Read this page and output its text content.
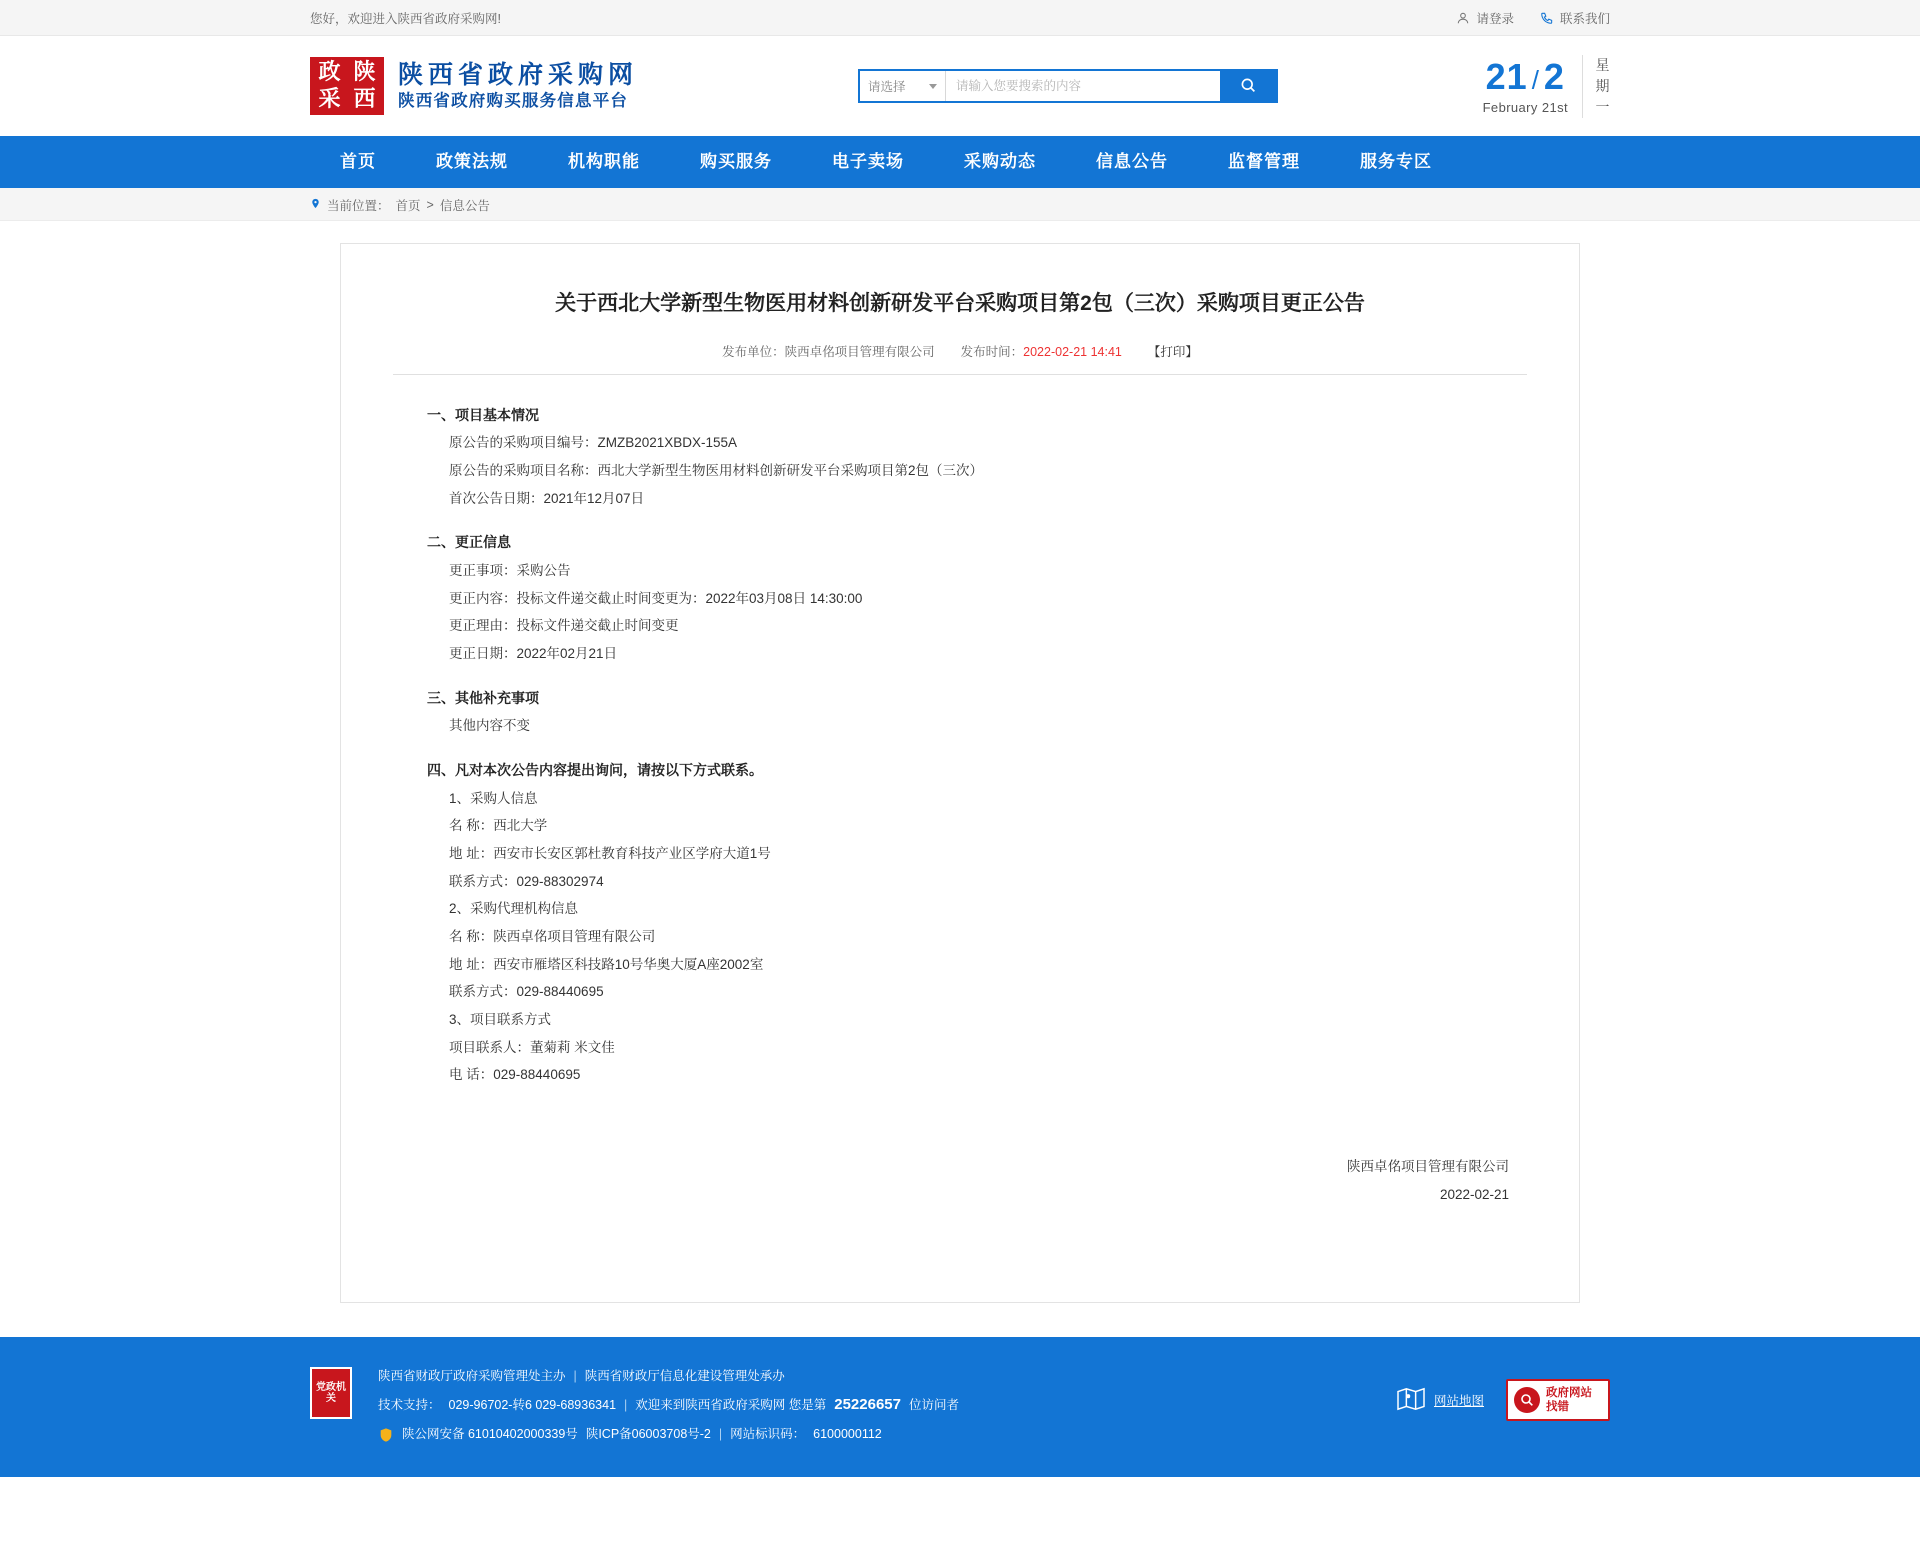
您好，欢迎进入陕西省政府采购网!	请登录	联系我们
政 陕
采 西
陕西省政府采购网
陕西省政府购买服务信息平台
请选择
请输入您要搜索的内容	21 / 2
February 21st
星期
一
首页	政策法规	机构职能	购买服务	电子卖场	采购动态	信息公告	监督管理	服务专区
当前位置： 首页 > 信息公告
关于西北大学新型生物医用材料创新研发平台采购项目第2包（三次）采购项目更正公告
发布单位：陕西卓佲项目管理有限公司 发布时间：2022-02-21 14:41 【打印】
一、项目基本情况
原公告的采购项目编号：ZMZB2021XBDX-155A
原公告的采购项目名称：西北大学新型生物医用材料创新研发平台采购项目第2包（三次）
首次公告日期：2021年12月07日
二、更正信息
更正事项：采购公告
更正内容：投标文件递交截止时间变更为：2022年03月08日 14:30:00
更正理由：投标文件递交截止时间变更
更正日期：2022年02月21日
三、其他补充事项
其他内容不变
四、凡对本次公告内容提出询问，请按以下方式联系。
1、采购人信息
名 称：西北大学
地 址：西安市长安区郭杜教育科技产业区学府大道1号
联系方式：029-88302974
2、采购代理机构信息
名 称：陕西卓佲项目管理有限公司
地 址：西安市雁塔区科技路10号华奥大厦A座2002室
联系方式：029-88440695
3、项目联系方式
项目联系人：董菊莉 米文佳
电 话：029-88440695
陕西卓佲项目管理有限公司
2022-02-21
党政机关
陕西省财政厅政府采购管理处主办 | 陕西省财政厅信息化建设管理处承办
技术支持： 029-96702-转6 029-68936341 | 欢迎来到陕西省政府采购网 您是第 25226657 位访问者
陕公网安备 61010402000339号 陕ICP备06003708号-2 | 网站标识码： 6100000112
网站地图
政府网站
找错
